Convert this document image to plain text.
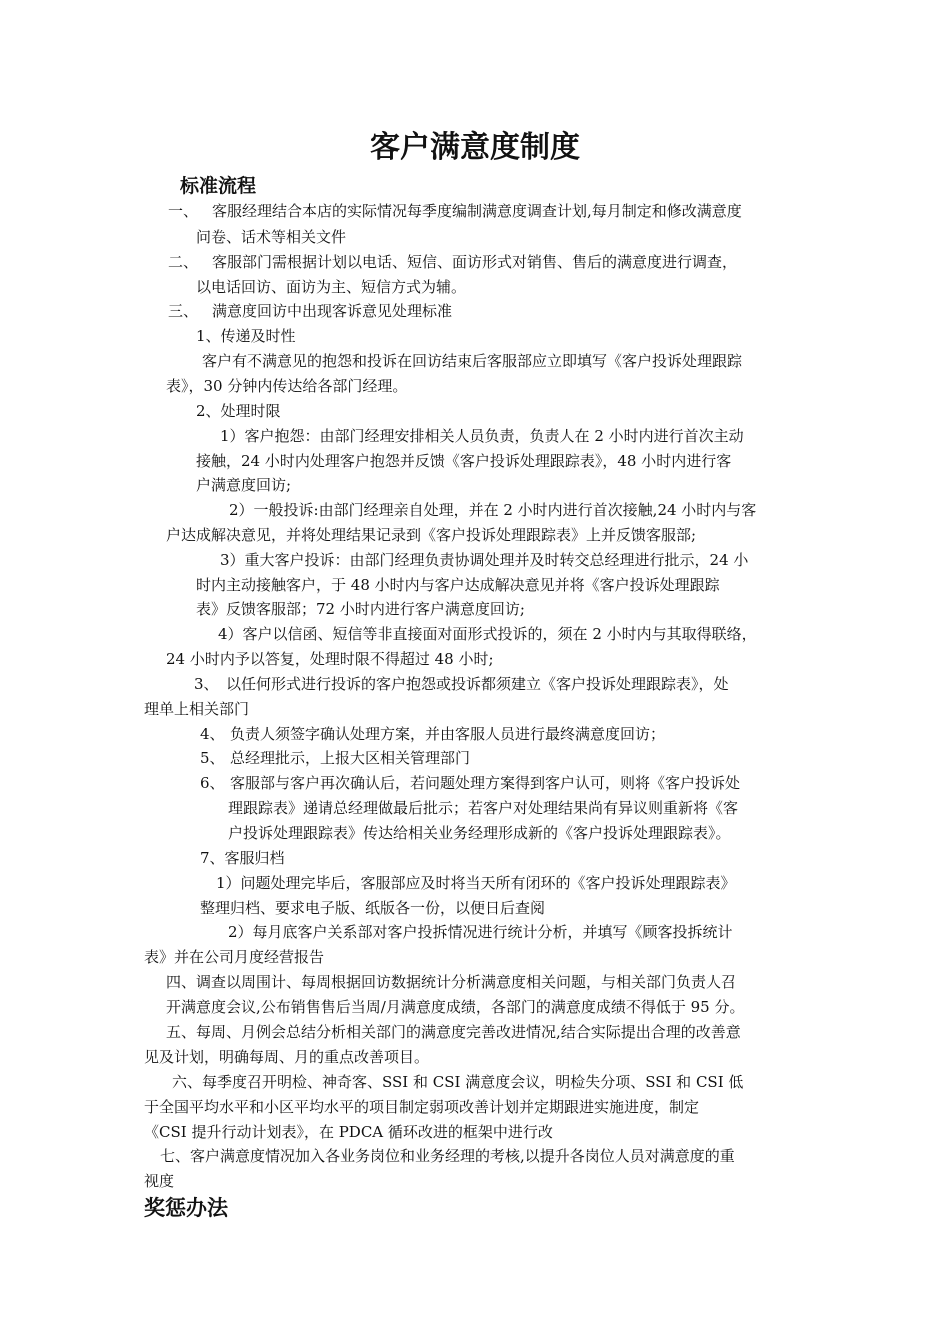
客户满意度制度
标准流程
一、 客服经理结合本店的实际情况每季度编制满意度调查计划,每月制定和修改满意度
问卷、话术等相关文件
二、 客服部门需根据计划以电话、短信、面访形式对销售、售后的满意度进行调查，
以电话回访、面访为主、短信方式为辅。
三、 满意度回访中出现客诉意见处理标准
1、传递及时性
客户有不满意见的抱怨和投诉在回访结束后客服部应立即填写《客户投诉处理跟踪
表》，30 分钟内传达给各部门经理。
2、处理时限
1）客户抱怨：由部门经理安排相关人员负责，负责人在 2 小时内进行首次主动
接触，24 小时内处理客户抱怨并反馈《客户投诉处理跟踪表》，48 小时内进行客
户满意度回访;
2）一般投诉:由部门经理亲自处理，并在 2 小时内进行首次接触,24 小时内与客
户达成解决意见，并将处理结果记录到《客户投诉处理跟踪表》上并反馈客服部;
3）重大客户投诉：由部门经理负责协调处理并及时转交总经理进行批示，24 小
时内主动接触客户，于 48 小时内与客户达成解决意见并将《客户投诉处理跟踪
表》反馈客服部；72 小时内进行客户满意度回访;
4）客户以信函、短信等非直接面对面形式投诉的，须在 2 小时内与其取得联络，
24 小时内予以答复，处理时限不得超过 48 小时;
3、 以任何形式进行投诉的客户抱怨或投诉都须建立《客户投诉处理跟踪表》，处
理单上相关部门
4、 负责人须签字确认处理方案，并由客服人员进行最终满意度回访；
5、 总经理批示，上报大区相关管理部门
6、 客服部与客户再次确认后，若问题处理方案得到客户认可，则将《客户投诉处
理跟踪表》递请总经理做最后批示；若客户对处理结果尚有异议则重新将《客
户投诉处理跟踪表》传达给相关业务经理形成新的《客户投诉处理跟踪表》。
7、客服归档
1）问题处理完毕后，客服部应及时将当天所有闭环的《客户投诉处理跟踪表》
整理归档、要求电子版、纸版各一份，以便日后查阅
2）每月底客户关系部对客户投拆情况进行统计分析，并填写《顾客投拆统计
表》并在公司月度经营报告
四、调查以周围计、每周根据回访数据统计分析满意度相关问题，与相关部门负责人召
开满意度会议,公布销售售后当周/月满意度成绩，各部门的满意度成绩不得低于 95 分。
五、每周、月例会总结分析相关部门的满意度完善改进情况,结合实际提出合理的改善意
见及计划，明确每周、月的重点改善项目。
六、每季度召开明检、神奇客、SSI 和 CSI 满意度会议，明检失分项、SSI 和 CSI 低
于全国平均水平和小区平均水平的项目制定弱项改善计划并定期跟进实施进度，制定
《CSI 提升行动计划表》，在 PDCA 循环改进的框架中进行改
七、客户满意度情况加入各业务岗位和业务经理的考核,以提升各岗位人员对满意度的重
视度
奖惩办法
